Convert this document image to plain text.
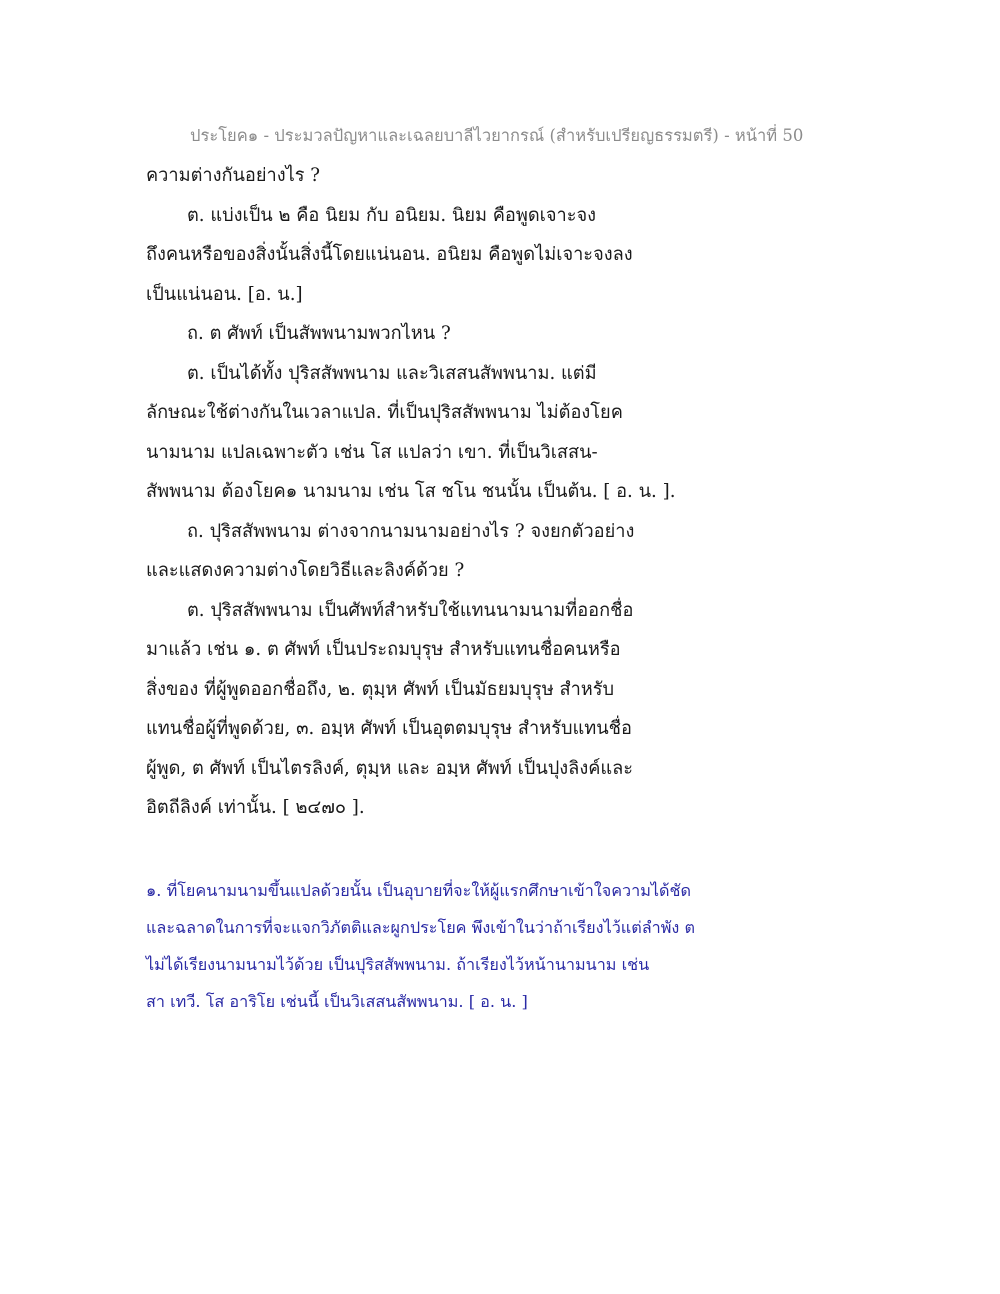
ประโยค๑ - ประมวลปัญหาและเฉลยบาลีไวยากรณ์ (สำหรับเปรียญธรรมตรี) - หน้าที่ 50
ความต่างกันอย่างไร ?
ต. แบ่งเป็น ๒ คือ นิยม กับ อนิยม. นิยม คือพูดเจาะจง
ถึงคนหรือของสิ่งนั้นสิ่งนี้โดยแน่นอน. อนิยม คือพูดไม่เจาะจงลง
เป็นแน่นอน. [อ. น.]
ถ. ต ศัพท์ เป็นสัพพนามพวกไหน ?
ต. เป็นได้ทั้ง ปุริสสัพพนาม และวิเสสนสัพพนาม. แต่มี
ลักษณะใช้ต่างกันในเวลาแปล. ที่เป็นปุริสสัพพนาม ไม่ต้องโยค
นามนาม แปลเฉพาะตัว เช่น โส แปลว่า เขา. ที่เป็นวิเสสน-
สัพพนาม ต้องโยค๑ นามนาม เช่น โส ชโน ชนนั้น เป็นต้น. [ อ. น. ].
ถ. ปุริสสัพพนาม ต่างจากนามนามอย่างไร ? จงยกตัวอย่าง
และแสดงความต่างโดยวิธีและลิงค์ด้วย ?
ต. ปุริสสัพพนาม เป็นศัพท์สำหรับใช้แทนนามนามที่ออกชื่อ
มาแล้ว เช่น ๑. ต ศัพท์ เป็นประถมบุรุษ สำหรับแทนชื่อคนหรือ
สิ่งของ ที่ผู้พูดออกชื่อถึง, ๒. ตุมฺห ศัพท์ เป็นมัธยมบุรุษ สำหรับ
แทนชื่อผู้ที่พูดด้วย, ๓. อมฺห ศัพท์ เป็นอุตตมบุรุษ สำหรับแทนชื่อ
ผู้พูด, ต ศัพท์ เป็นไตรลิงค์, ตุมฺห และ อมฺห ศัพท์ เป็นปุงลิงค์และ
อิตถีลิงค์ เท่านั้น. [ ๒๔๗๐ ].
๑. ที่โยคนามนามขึ้นแปลด้วยนั้น เป็นอุบายที่จะให้ผู้แรกศึกษาเข้าใจความได้ชัด
และฉลาดในการที่จะแจกวิภัตติและผูกประโยค พึงเข้าในว่าถ้าเรียงไว้แต่ลำพัง ต
ไม่ได้เรียงนามนามไว้ด้วย เป็นปุริสสัพพนาม. ถ้าเรียงไว้หน้านามนาม เช่น
สา เทวี. โส อาริโย เช่นนี้ เป็นวิเสสนสัพพนาม. [ อ. น. ]
